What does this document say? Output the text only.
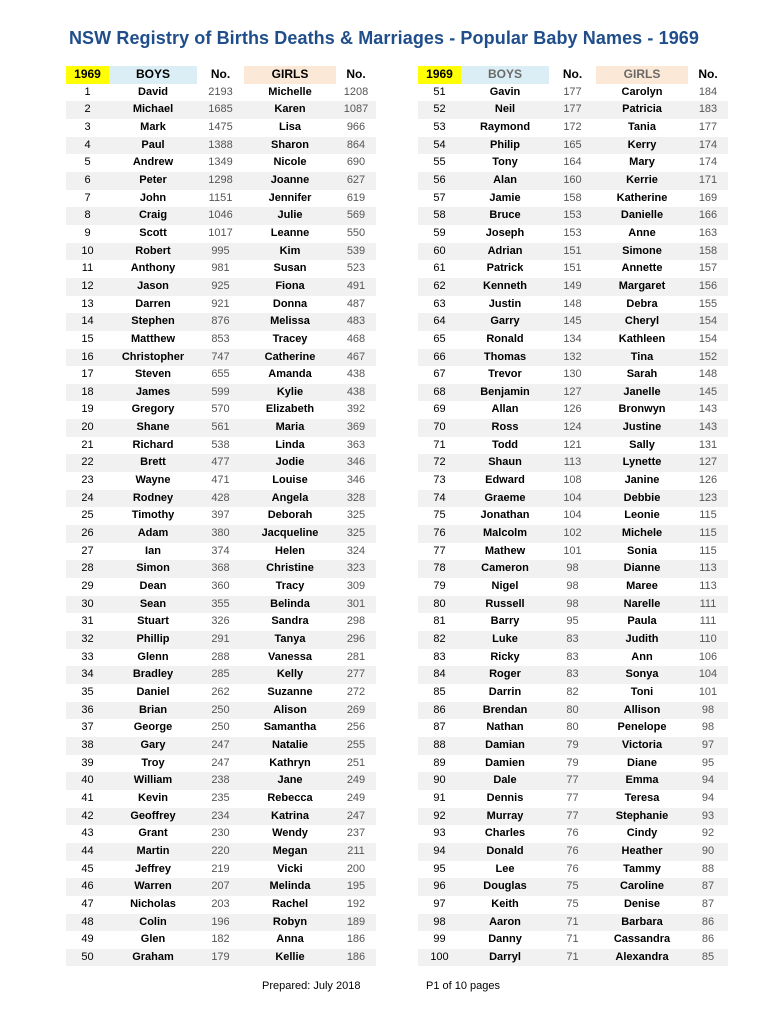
NSW Registry of Births Deaths & Marriages - Popular Baby Names - 1969
1969	BOYS	No.	GIRLS	No.
1	David	2193	Michelle	1208
2	Michael	1685	Karen	1087
3	Mark	1475	Lisa	966
4	Paul	1388	Sharon	864
5	Andrew	1349	Nicole	690
6	Peter	1298	Joanne	627
7	John	1151	Jennifer	619
8	Craig	1046	Julie	569
9	Scott	1017	Leanne	550
10	Robert	995	Kim	539
11	Anthony	981	Susan	523
12	Jason	925	Fiona	491
13	Darren	921	Donna	487
14	Stephen	876	Melissa	483
15	Matthew	853	Tracey	468
16	Christopher	747	Catherine	467
17	Steven	655	Amanda	438
18	James	599	Kylie	438
19	Gregory	570	Elizabeth	392
20	Shane	561	Maria	369
21	Richard	538	Linda	363
22	Brett	477	Jodie	346
23	Wayne	471	Louise	346
24	Rodney	428	Angela	328
25	Timothy	397	Deborah	325
26	Adam	380	Jacqueline	325
27	Ian	374	Helen	324
28	Simon	368	Christine	323
29	Dean	360	Tracy	309
30	Sean	355	Belinda	301
31	Stuart	326	Sandra	298
32	Phillip	291	Tanya	296
33	Glenn	288	Vanessa	281
34	Bradley	285	Kelly	277
35	Daniel	262	Suzanne	272
36	Brian	250	Alison	269
37	George	250	Samantha	256
38	Gary	247	Natalie	255
39	Troy	247	Kathryn	251
40	William	238	Jane	249
41	Kevin	235	Rebecca	249
42	Geoffrey	234	Katrina	247
43	Grant	230	Wendy	237
44	Martin	220	Megan	211
45	Jeffrey	219	Vicki	200
46	Warren	207	Melinda	195
47	Nicholas	203	Rachel	192
48	Colin	196	Robyn	189
49	Glen	182	Anna	186
50	Graham	179	Kellie	186
1969	BOYS	No.	GIRLS	No.
51	Gavin	177	Carolyn	184
52	Neil	177	Patricia	183
53	Raymond	172	Tania	177
54	Philip	165	Kerry	174
55	Tony	164	Mary	174
56	Alan	160	Kerrie	171
57	Jamie	158	Katherine	169
58	Bruce	153	Danielle	166
59	Joseph	153	Anne	163
60	Adrian	151	Simone	158
61	Patrick	151	Annette	157
62	Kenneth	149	Margaret	156
63	Justin	148	Debra	155
64	Garry	145	Cheryl	154
65	Ronald	134	Kathleen	154
66	Thomas	132	Tina	152
67	Trevor	130	Sarah	148
68	Benjamin	127	Janelle	145
69	Allan	126	Bronwyn	143
70	Ross	124	Justine	143
71	Todd	121	Sally	131
72	Shaun	113	Lynette	127
73	Edward	108	Janine	126
74	Graeme	104	Debbie	123
75	Jonathan	104	Leonie	115
76	Malcolm	102	Michele	115
77	Mathew	101	Sonia	115
78	Cameron	98	Dianne	113
79	Nigel	98	Maree	113
80	Russell	98	Narelle	111
81	Barry	95	Paula	111
82	Luke	83	Judith	110
83	Ricky	83	Ann	106
84	Roger	83	Sonya	104
85	Darrin	82	Toni	101
86	Brendan	80	Allison	98
87	Nathan	80	Penelope	98
88	Damian	79	Victoria	97
89	Damien	79	Diane	95
90	Dale	77	Emma	94
91	Dennis	77	Teresa	94
92	Murray	77	Stephanie	93
93	Charles	76	Cindy	92
94	Donald	76	Heather	90
95	Lee	76	Tammy	88
96	Douglas	75	Caroline	87
97	Keith	75	Denise	87
98	Aaron	71	Barbara	86
99	Danny	71	Cassandra	86
100	Darryl	71	Alexandra	85
Prepared: July 2018	P1 of 10 pages
